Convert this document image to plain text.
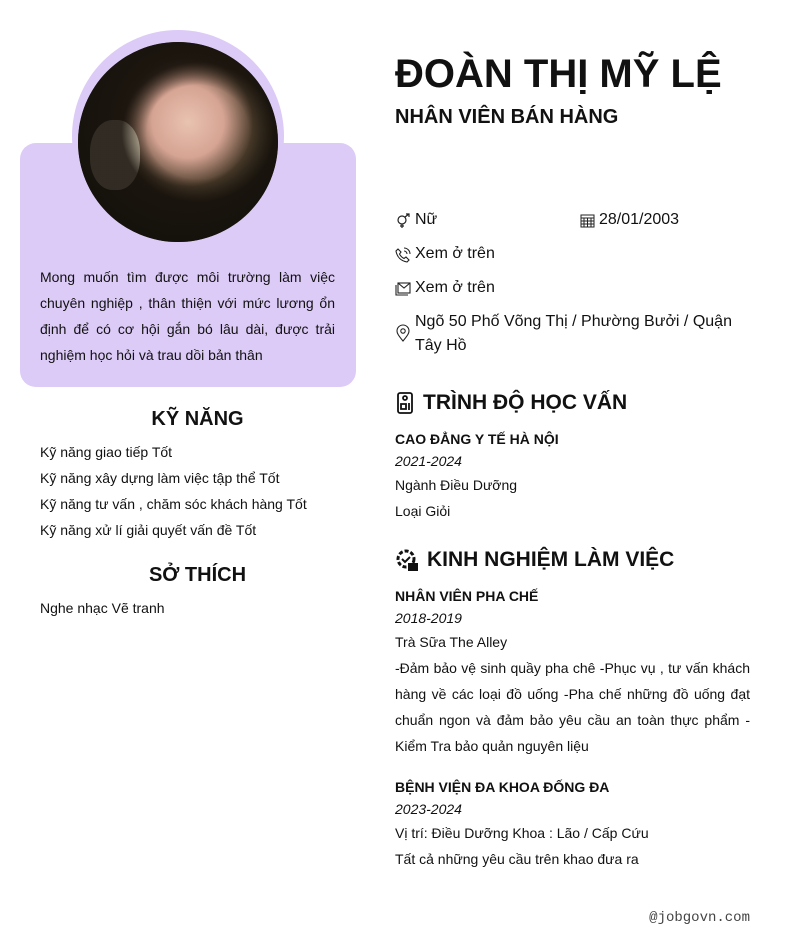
Mong muốn tìm được môi trường làm việc chuyên nghiệp , thân thiện với mức lương ổn định để có cơ hội gắn bó lâu dài, được trải nghiệm học hỏi và trau dồi bản thân

KỸ NĂNG
Kỹ năng giao tiếp Tốt
Kỹ năng xây dựng làm việc tập thể Tốt
Kỹ năng tư vấn , chăm sóc khách hàng Tốt
Kỹ năng xử lí giải quyết vấn đề Tốt
SỞ THÍCH
Nghe nhạc Vẽ tranh
ĐOÀN THỊ MỸ LỆ
NHÂN VIÊN BÁN HÀNG
Nữ	28/01/2003
Xem ở trên
Xem ở trên
Ngõ 50 Phố Võng Thị / Phường Bưởi / Quận Tây Hồ
TRÌNH ĐỘ HỌC VẤN
CAO ĐẲNG Y TẾ HÀ NỘI
2021-2024
Ngành Điều Dưỡng
Loại Giỏi
KINH NGHIỆM LÀM VIỆC
NHÂN VIÊN PHA CHẾ
2018-2019
Trà Sữa The Alley
-Đảm bảo vệ sinh quầy pha chê -Phục vụ , tư vấn khách hàng về các loại đồ uống -Pha chế những đồ uống đạt chuẩn ngon và đảm bảo yêu cầu an toàn thực phẩm -Kiểm Tra bảo quản nguyên liệu
BỆNH VIỆN ĐA KHOA ĐỐNG ĐA
2023-2024
Vị trí: Điều Dưỡng Khoa : Lão / Cấp Cứu
Tất cả những yêu cầu trên khao đưa ra
@jobgovn.com
